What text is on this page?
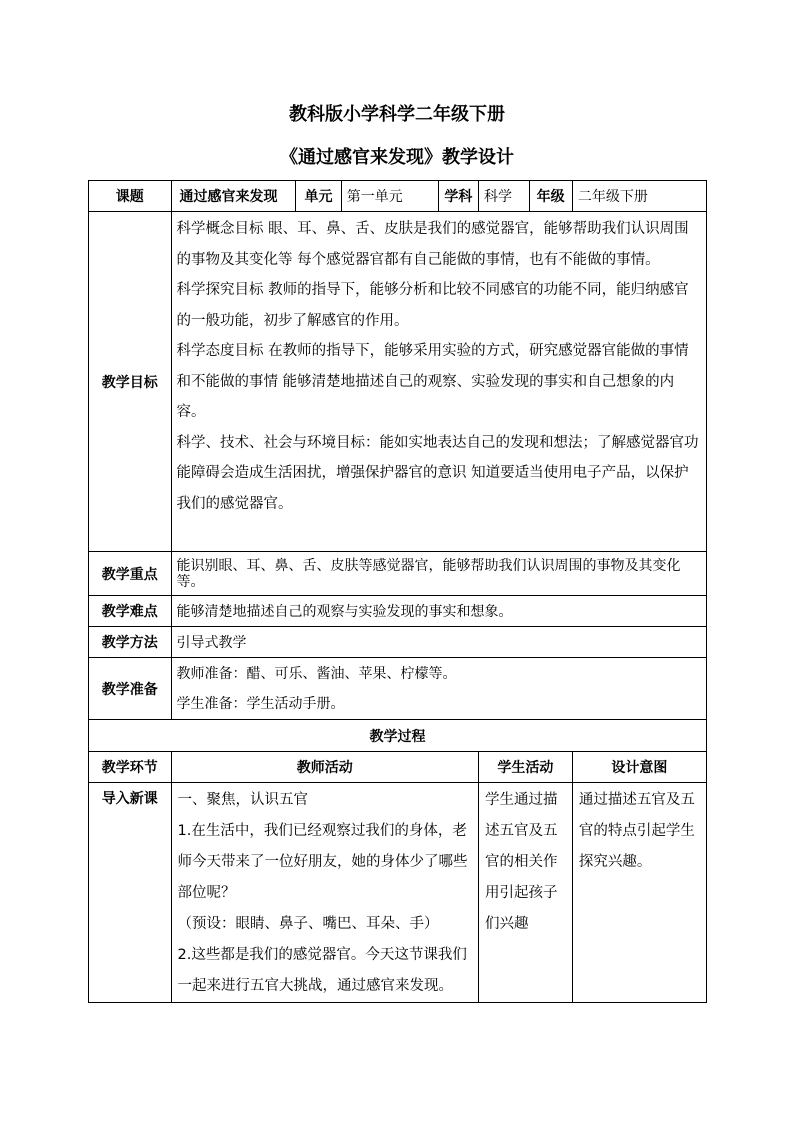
教科版小学科学二年级下册
《通过感官来发现》教学设计
课题	通过感官来发现	单元	第一单元	学科	科学	年级	二年级下册
教学目标	科学概念目标 眼、耳、鼻、舌、皮肤是我们的感觉器官，能够帮助我们认识周围的事物及其变化等 每个感觉器官都有自己能做的事情，也有不能做的事情。

科学探究目标 教师的指导下，能够分析和比较不同感官的功能不同，能归纳感官的一般功能，初步了解感官的作用。

科学态度目标 在教师的指导下，能够采用实验的方式，研究感觉器官能做的事情和不能做的事情 能够清楚地描述自己的观察、实验发现的事实和自己想象的内容。

科学、技术、社会与环境目标：能如实地表达自己的发现和想法；了解感觉器官功能障碍会造成生活困扰，增强保护器官的意识 知道要适当使用电子产品，以保护我们的感觉器官。						

教学重点	能识别眼、耳、鼻、舌、皮肤等感觉器官，能够帮助我们认识周围的事物及其变化等。						
教学难点	能够清楚地描述自己的观察与实验发现的事实和想象。						
教学方法	引导式教学						
教学准备	教师准备：醋、可乐、酱油、苹果、柠檬等。
学生准备：学生活动手册。						

教学过程							
教学环节	教师活动				学生活动		设计意图
导入新课	一、聚焦，认识五官
1.在生活中，我们已经观察过我们的身体，老师今天带来了一位好朋友，她的身体少了哪些部位呢？
（预设：眼睛、鼻子、嘴巴、耳朵、手）
2.这些都是我们的感觉器官。今天这节课我们一起来进行五官大挑战，通过感官来发现。				学生通过描述五官及五官的相关作用引起孩子们兴趣		通过描述五官及五官的特点引起学生探究兴趣。
